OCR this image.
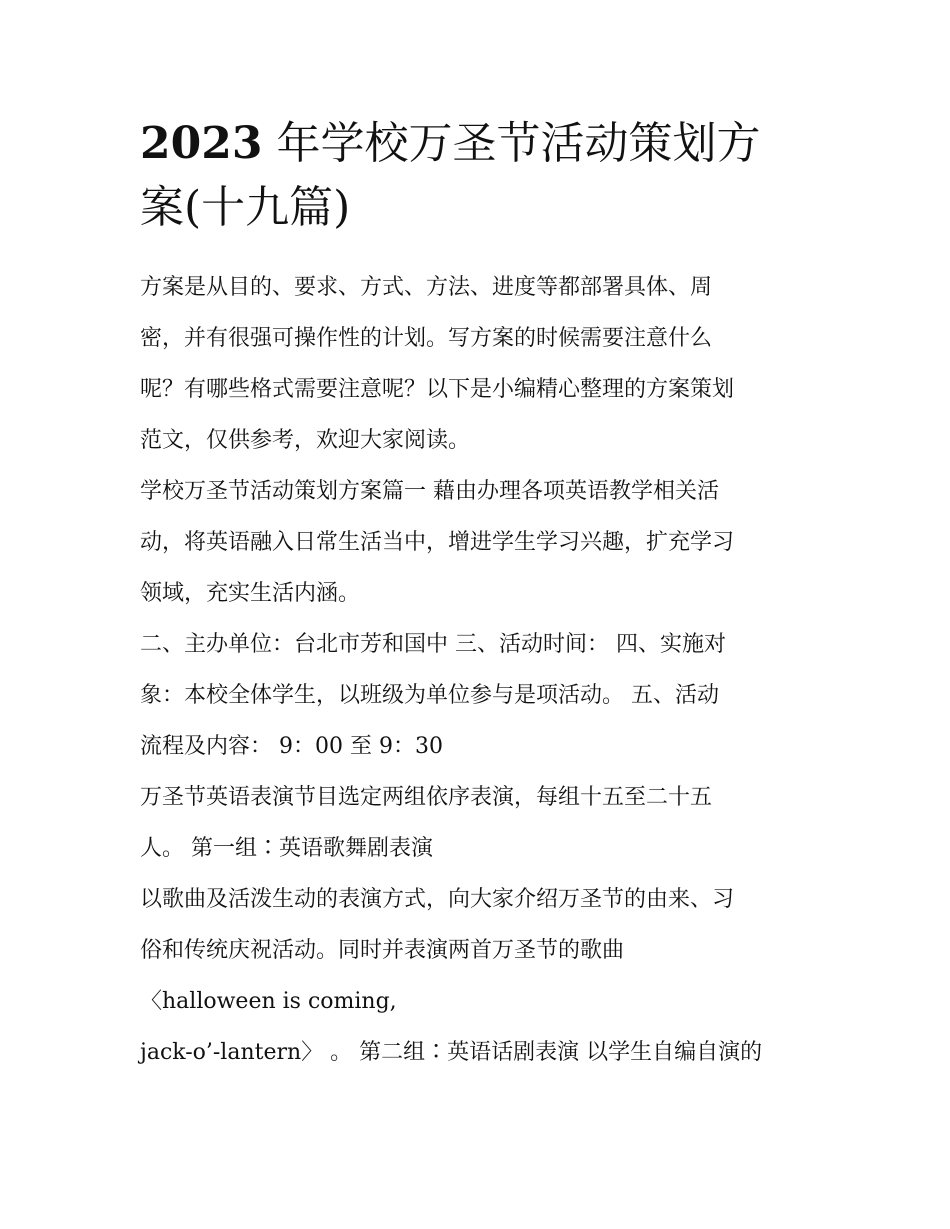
2023 年学校万圣节活动策划方
案(十九篇)

方案是从目的、要求、方式、方法、进度等都部署具体、周
密，并有很强可操作性的计划。写方案的时候需要注意什么
呢？有哪些格式需要注意呢？以下是小编精心整理的方案策划
范文，仅供参考，欢迎大家阅读。

学校万圣节活动策划方案篇一 藉由办理各项英语教学相关活
动，将英语融入日常生活当中，增进学生学习兴趣，扩充学习
领域，充实生活内涵。

二、主办单位：台北市芳和国中 三、活动时间： 四、实施对
象：本校全体学生，以班级为单位参与是项活动。 五、活动
流程及内容： 9：00 至 9：30

万圣节英语表演节目选定两组依序表演，每组十五至二十五
人。 第一组∶英语歌舞剧表演

以歌曲及活泼生动的表演方式，向大家介绍万圣节的由来、习
俗和传统庆祝活动。同时并表演两首万圣节的歌曲

〈halloween is coming,

jack-o’-lantern〉 。 第二组∶英语话剧表演 以学生自编自演的
